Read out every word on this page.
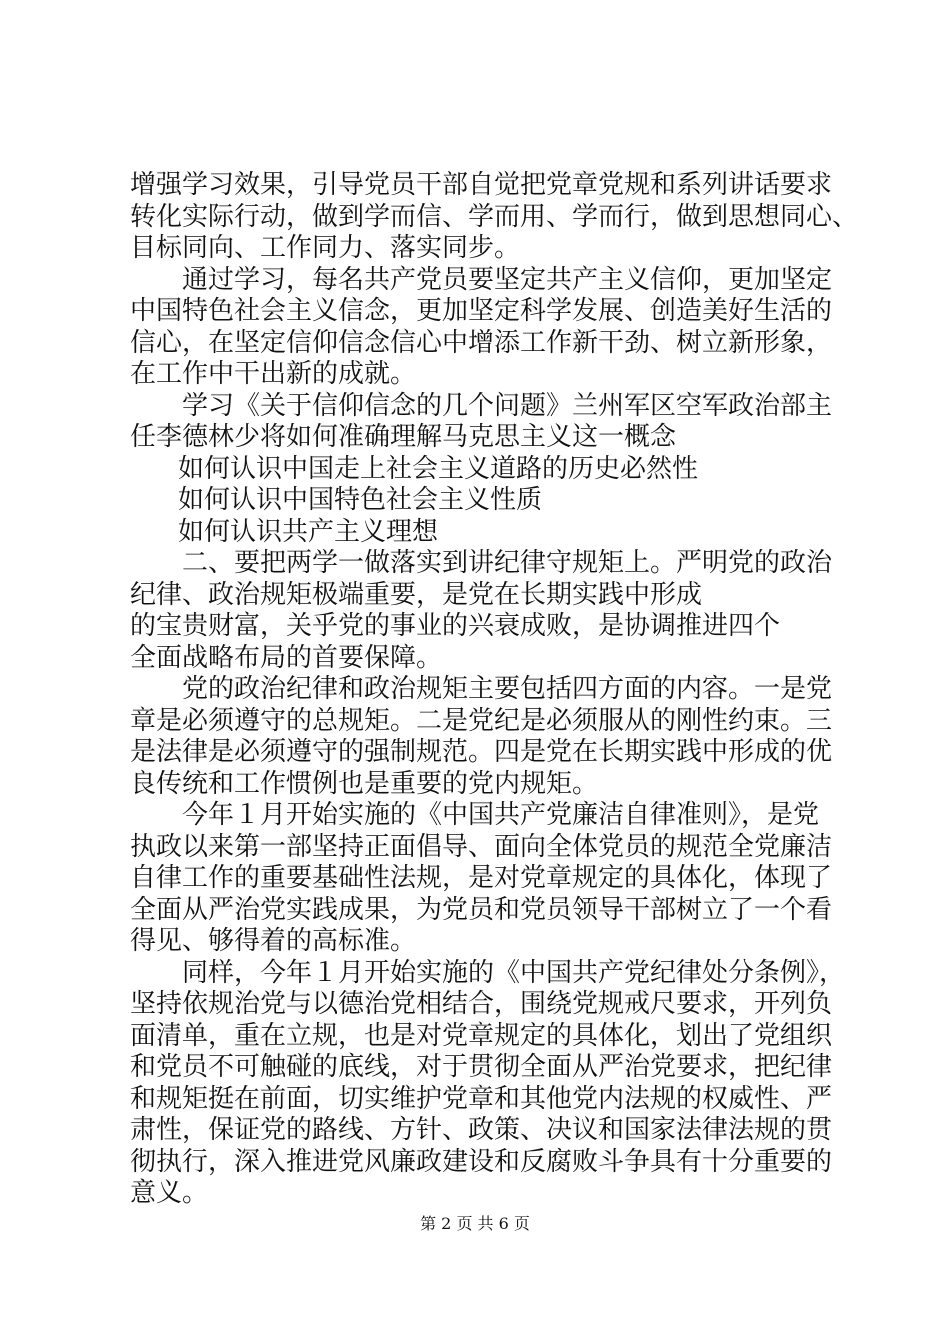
增强学习效果，引导党员干部自觉把党章党规和系列讲话要求
转化实际行动，做到学而信、学而用、学而行，做到思想同心、
目标同向、工作同力、落实同步。
通过学习，每名共产党员要坚定共产主义信仰，更加坚定
中国特色社会主义信念，更加坚定科学发展、创造美好生活的
信心，在坚定信仰信念信心中增添工作新干劲、树立新形象，
在工作中干出新的成就。
学习《关于信仰信念的几个问题》兰州军区空军政治部主
任李德林少将如何准确理解马克思主义这一概念
如何认识中国走上社会主义道路的历史必然性
如何认识中国特色社会主义性质
如何认识共产主义理想
二、要把两学一做落实到讲纪律守规矩上。严明党的政治
纪律、政治规矩极端重要，是党在长期实践中形成
的宝贵财富，关乎党的事业的兴衰成败，是协调推进四个
全面战略布局的首要保障。
党的政治纪律和政治规矩主要包括四方面的内容。一是党
章是必须遵守的总规矩。二是党纪是必须服从的刚性约束。三
是法律是必须遵守的强制规范。四是党在长期实践中形成的优
良传统和工作惯例也是重要的党内规矩。
今年１月开始实施的《中国共产党廉洁自律准则》，是党
执政以来第一部坚持正面倡导、面向全体党员的规范全党廉洁
自律工作的重要基础性法规，是对党章规定的具体化，体现了
全面从严治党实践成果，为党员和党员领导干部树立了一个看
得见、够得着的高标准。
同样，今年１月开始实施的《中国共产党纪律处分条例》，
坚持依规治党与以德治党相结合，围绕党规戒尺要求，开列负
面清单，重在立规，也是对党章规定的具体化，划出了党组织
和党员不可触碰的底线，对于贯彻全面从严治党要求，把纪律
和规矩挺在前面，切实维护党章和其他党内法规的权威性、严
肃性，保证党的路线、方针、政策、决议和国家法律法规的贯
彻执行，深入推进党风廉政建设和反腐败斗争具有十分重要的
意义。
第 2 页 共 6 页
